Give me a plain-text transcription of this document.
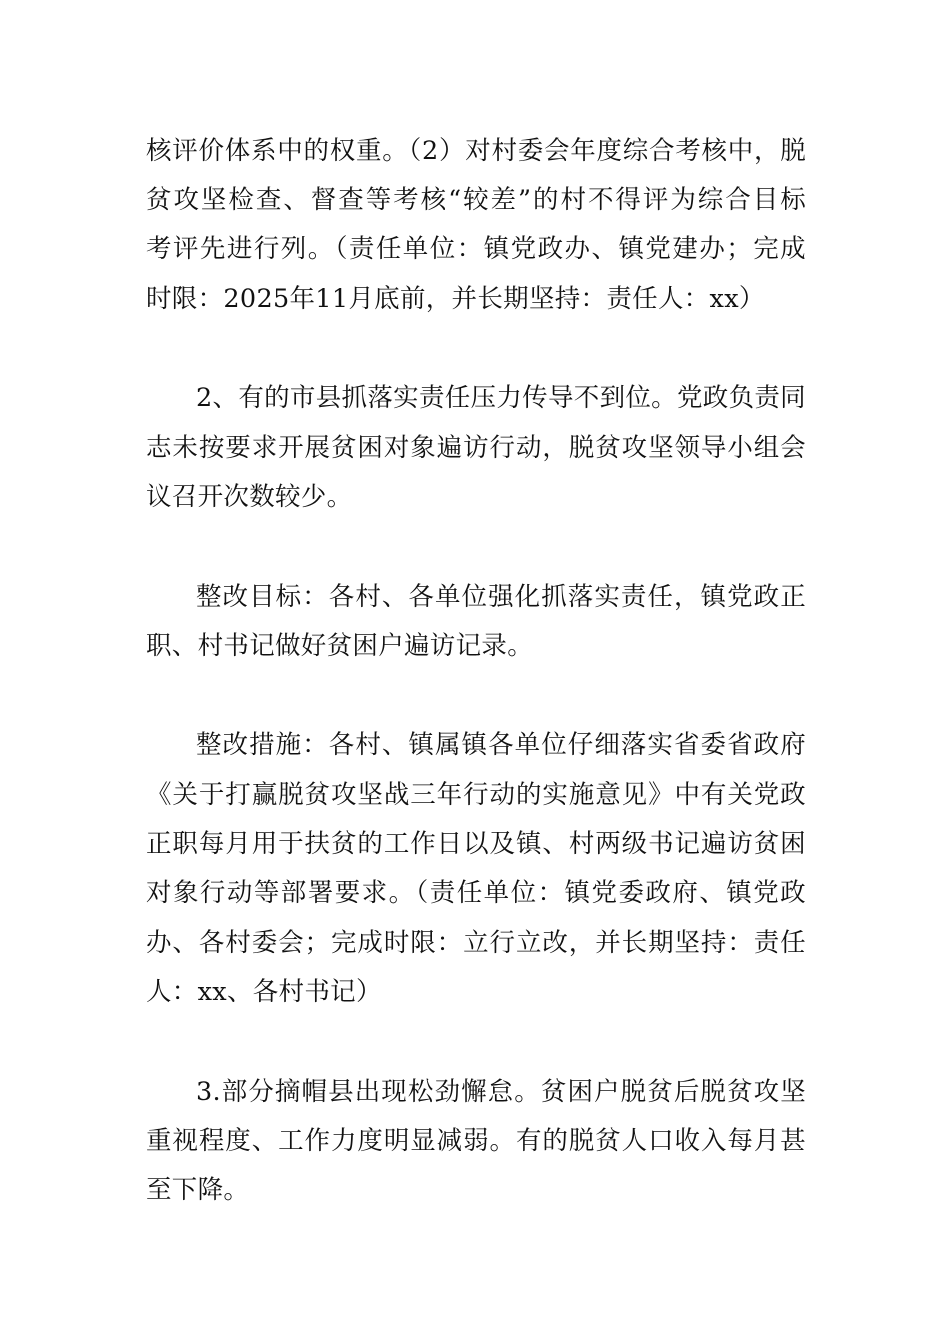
核评价体系中的权重。（2）对村委会年度综合考核中，脱
贫攻坚检查、督查等考核“较差”的村不得评为综合目标
考评先进行列。（责任单位：镇党政办、镇党建办；完成
时限：2025年11月底前，并长期坚持：责任人：xx）
2、有的市县抓落实责任压力传导不到位。党政负责同
志未按要求开展贫困对象遍访行动，脱贫攻坚领导小组会
议召开次数较少。
整改目标：各村、各单位强化抓落实责任，镇党政正
职、村书记做好贫困户遍访记录。
整改措施：各村、镇属镇各单位仔细落实省委省政府
《关于打赢脱贫攻坚战三年行动的实施意见》中有关党政
正职每月用于扶贫的工作日以及镇、村两级书记遍访贫困
对象行动等部署要求。（责任单位：镇党委政府、镇党政
办、各村委会；完成时限：立行立改，并长期坚持：责任
人：xx、各村书记）
3.部分摘帽县出现松劲懈怠。贫困户脱贫后脱贫攻坚
重视程度、工作力度明显减弱。有的脱贫人口收入每月甚
至下降。
